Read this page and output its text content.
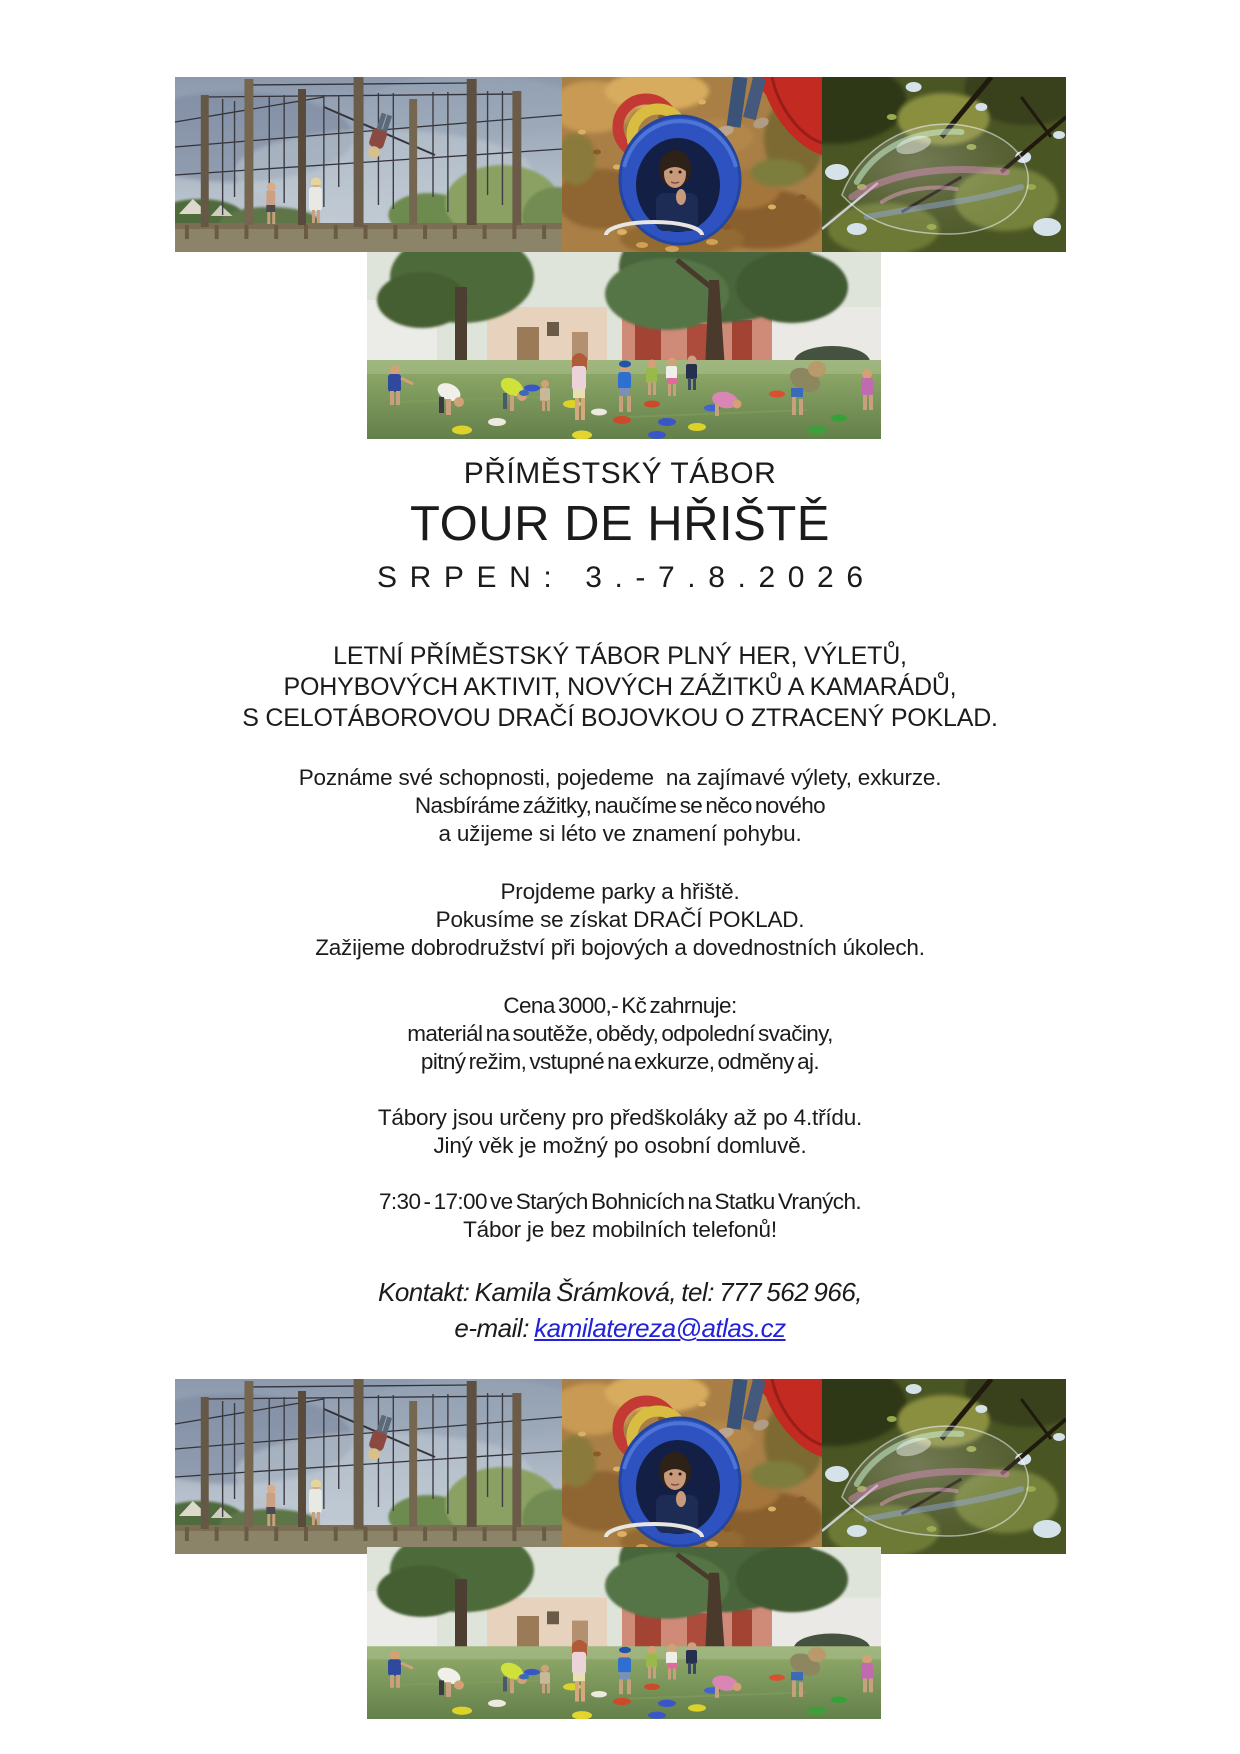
PŘÍMĚSTSKÝ TÁBOR
TOUR DE HŘIŠTĚ
SRPEN: 3.-7.8.2026
LETNÍ PŘÍMĚSTSKÝ TÁBOR PLNÝ HER, VÝLETŮ,
POHYBOVÝCH AKTIVIT, NOVÝCH ZÁŽITKŮ A KAMARÁDŮ,
S CELOTÁBOROVOU DRAČÍ BOJOVKOU O ZTRACENÝ POKLAD.
Poznáme své schopnosti, pojedeme  na zajímavé výlety, exkurze.
Nasbíráme zážitky, naučíme se něco nového
a užijeme si léto ve znamení pohybu.
Projdeme parky a hřiště.
Pokusíme se získat DRAČÍ POKLAD.
Zažijeme dobrodružství při bojových a dovednostních úkolech.
Cena 3000,- Kč zahrnuje:
materiál na soutěže, obědy, odpolední svačiny,
pitný režim, vstupné na exkurze, odměny aj.
Tábory jsou určeny pro předškoláky až po 4.třídu.
Jiný věk je možný po osobní domluvě.
7:30 - 17:00 ve Starých Bohnicích na Statku Vraných.
Tábor je bez mobilních telefonů!
Kontakt: Kamila Šrámková, tel: 777 562 966,
e-mail: kamilatereza@atlas.cz
